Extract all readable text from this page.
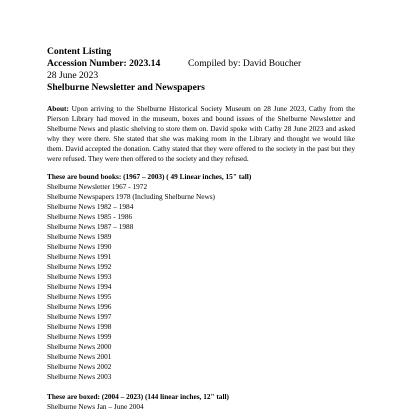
Content Listing
Accession Number: 2023.14	Compiled by: David Boucher
28 June 2023
Shelburne Newsletter and Newspapers
About: Upon arriving to the Shelburne Historical Society Museum on 28 June 2023, Cathy from the Pierson Library had moved in the museum, boxes and bound issues of the Shelburne Newsletter and Shelburne News and plastic shelving to store them on. David spoke with Cathy 28 June 2023 and asked why they were there. She stated that she was making room in the Library and thought we would like them. David accepted the donation. Cathy stated that they were offered to the society in the past but they were refused. They were then offered to the society and they refused.
These are bound books: (1967 – 2003) ( 49 Linear inches, 15" tall)
Shelburne Newsletter 1967 - 1972
Shelburne Newspapers 1978 (Including Shelburne News)
Shelburne News 1982 – 1984
Shelburne News 1985 - 1986
Shelburne News 1987 – 1988
Shelburne News 1989
Shelburne News 1990
Shelburne News 1991
Shelburne News 1992
Shelburne News 1993
Shelburne News 1994
Shelburne News 1995
Shelburne News 1996
Shelburne News 1997
Shelburne News 1998
Shelburne News 1999
Shelburne News 2000
Shelburne News 2001
Shelburne News 2002
Shelburne News 2003
These are boxed: (2004 – 2023) (144 linear inches, 12" tall)
Shelburne News Jan – June 2004
